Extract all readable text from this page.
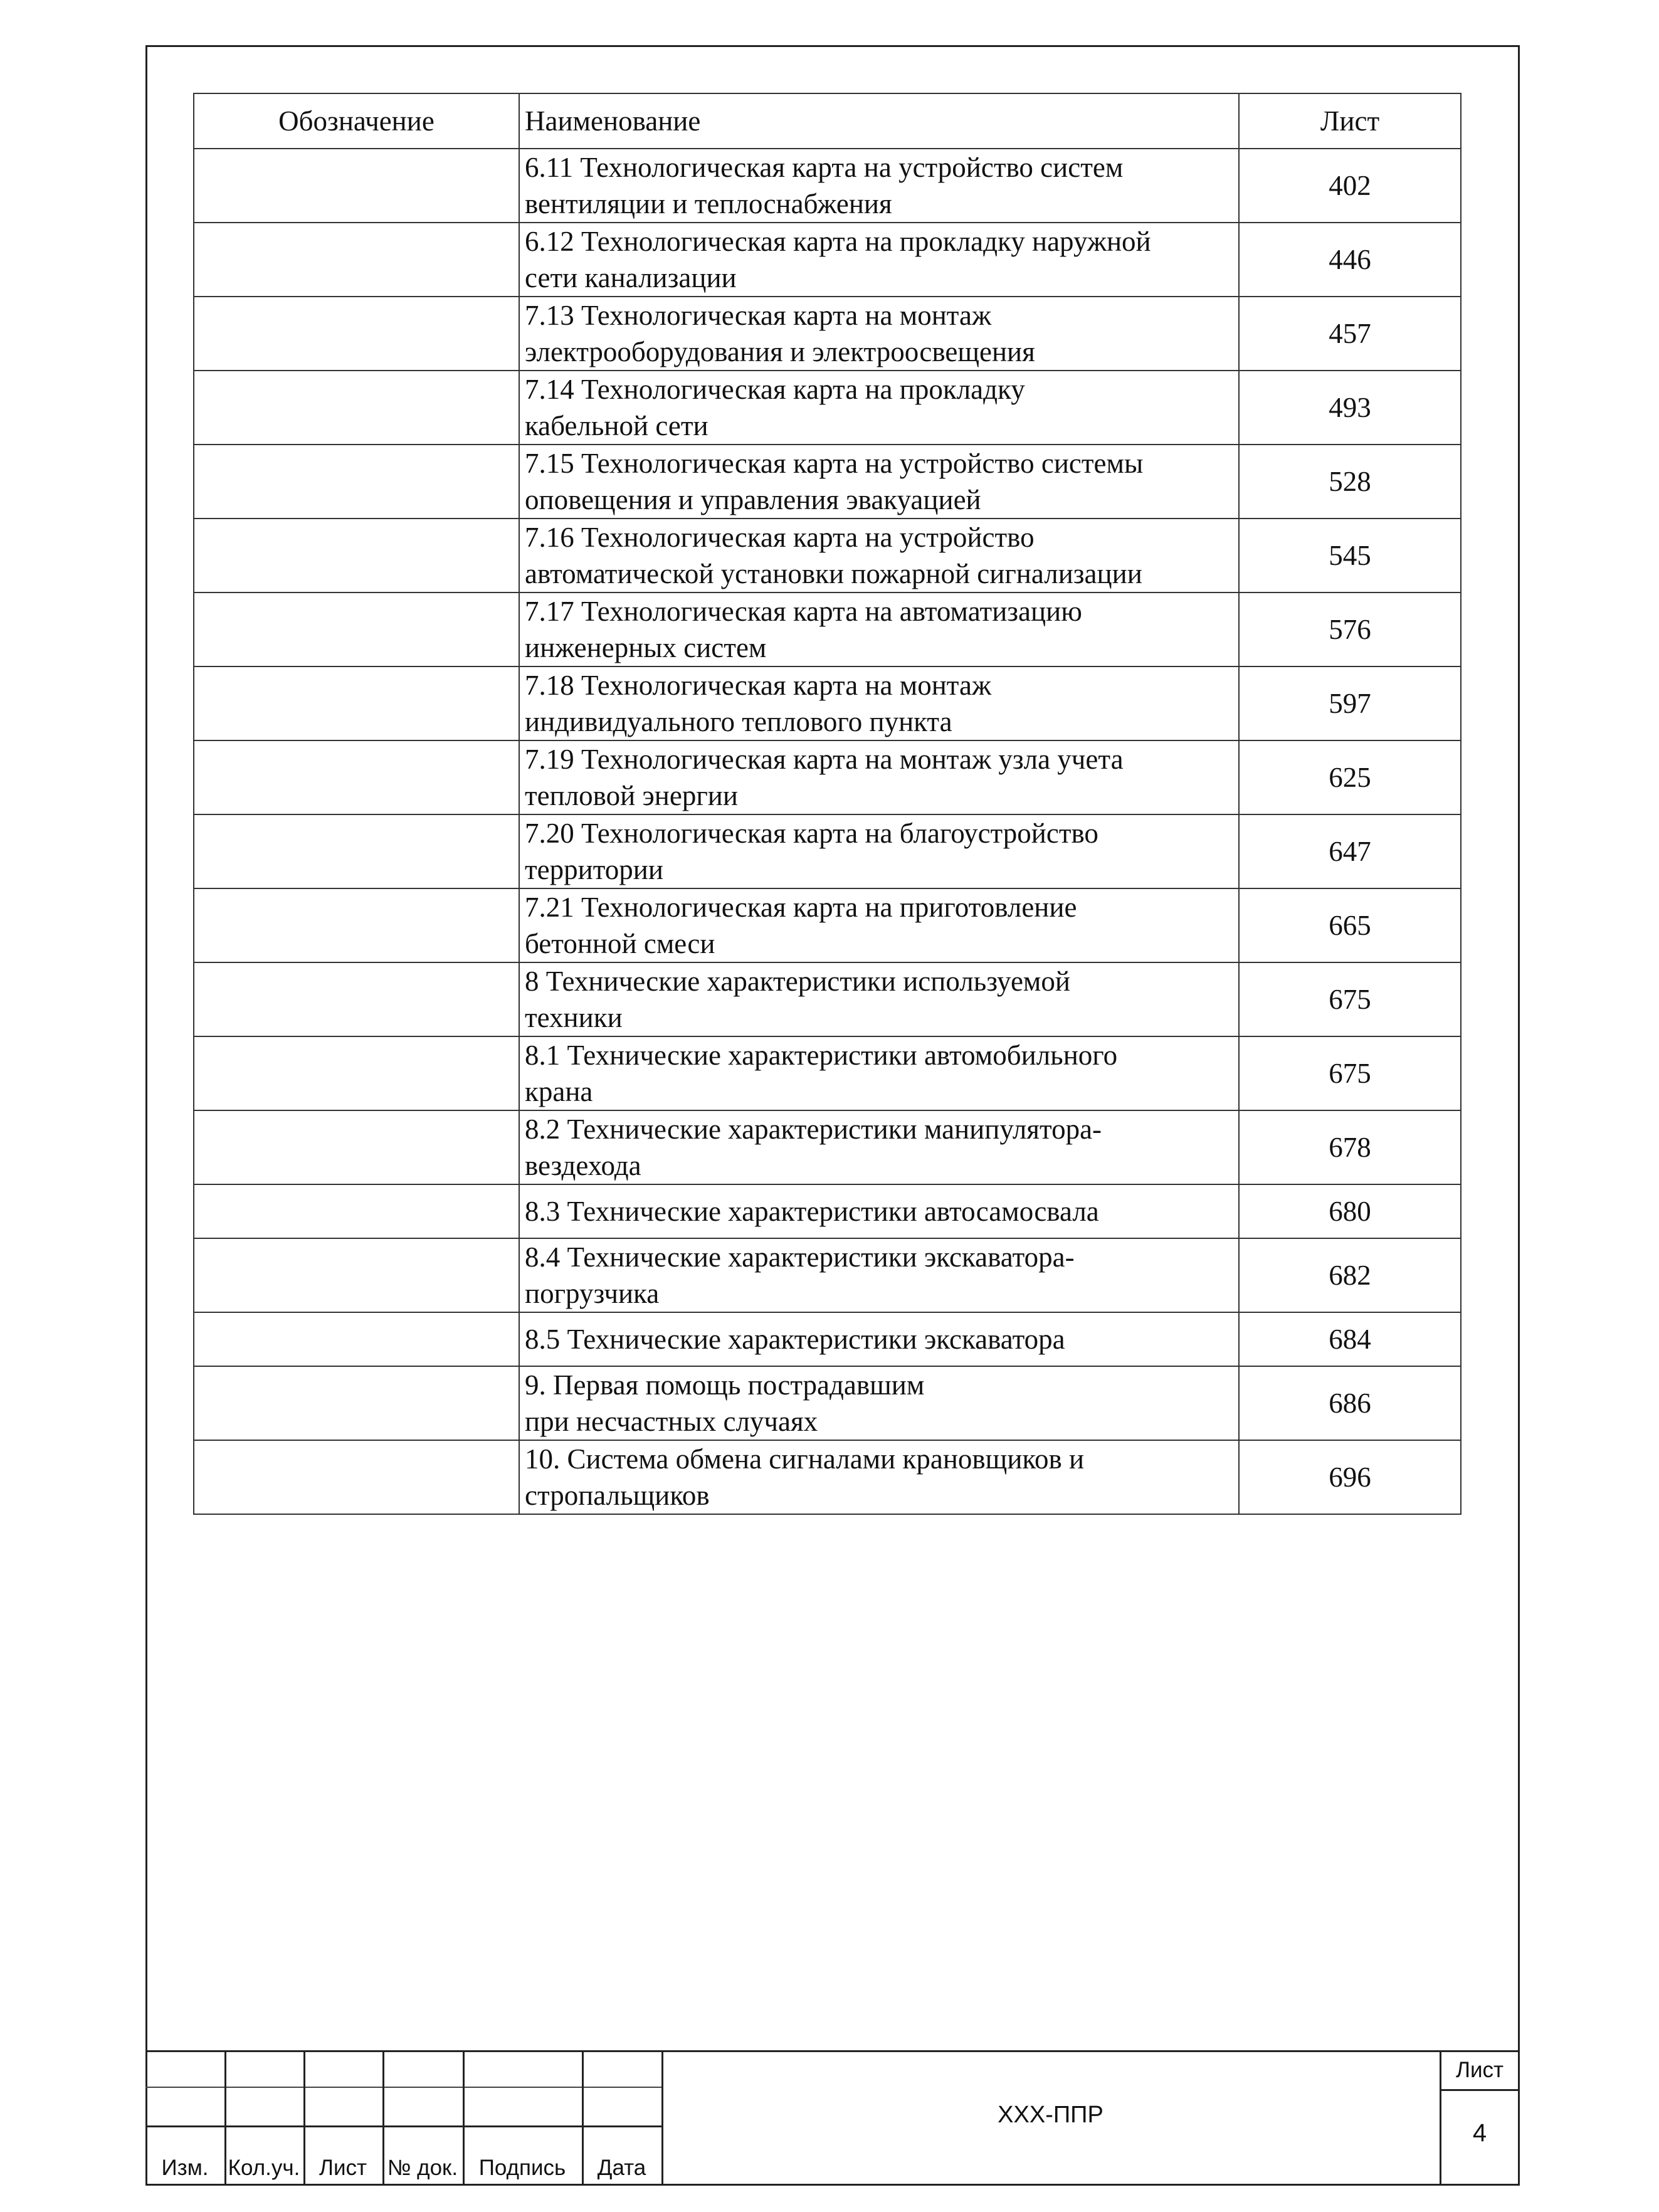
Обозначение	Наименование	Лист

	6.11 Технологическая карта на устройство систем
вентиляции и теплоснабжения	402

	6.12 Технологическая карта на прокладку наружной
сети канализации	446

	7.13 Технологическая карта на монтаж
электрооборудования и электроосвещения	457

	7.14 Технологическая карта на прокладку
кабельной сети	493

	7.15 Технологическая карта на устройство системы
оповещения и управления эвакуацией	528

	7.16 Технологическая карта на устройство
автоматической установки пожарной сигнализации	545

	7.17 Технологическая карта на автоматизацию
инженерных систем	576

	7.18 Технологическая карта на монтаж
индивидуального теплового пункта	597

	7.19 Технологическая карта на монтаж узла учета
тепловой энергии	625

	7.20 Технологическая карта на благоустройство
территории	647

	7.21 Технологическая карта на приготовление
бетонной смеси	665

	8 Технические характеристики используемой
техники	675

	8.1 Технические характеристики автомобильного
крана	675

	8.2 Технические характеристики манипулятора-
вездехода	678

	8.3 Технические характеристики автосамосвала	680

	8.4 Технические характеристики экскаватора-
погрузчика	682

	8.5 Технические характеристики экскаватора	684

	9. Первая помощь пострадавшим
при несчастных случаях	686

	10. Система обмена сигналами крановщиков и
стропальщиков	696
Изм. Кол.уч. Лист № док. Подпись	Дата
XXX-ППР
Лист
4
